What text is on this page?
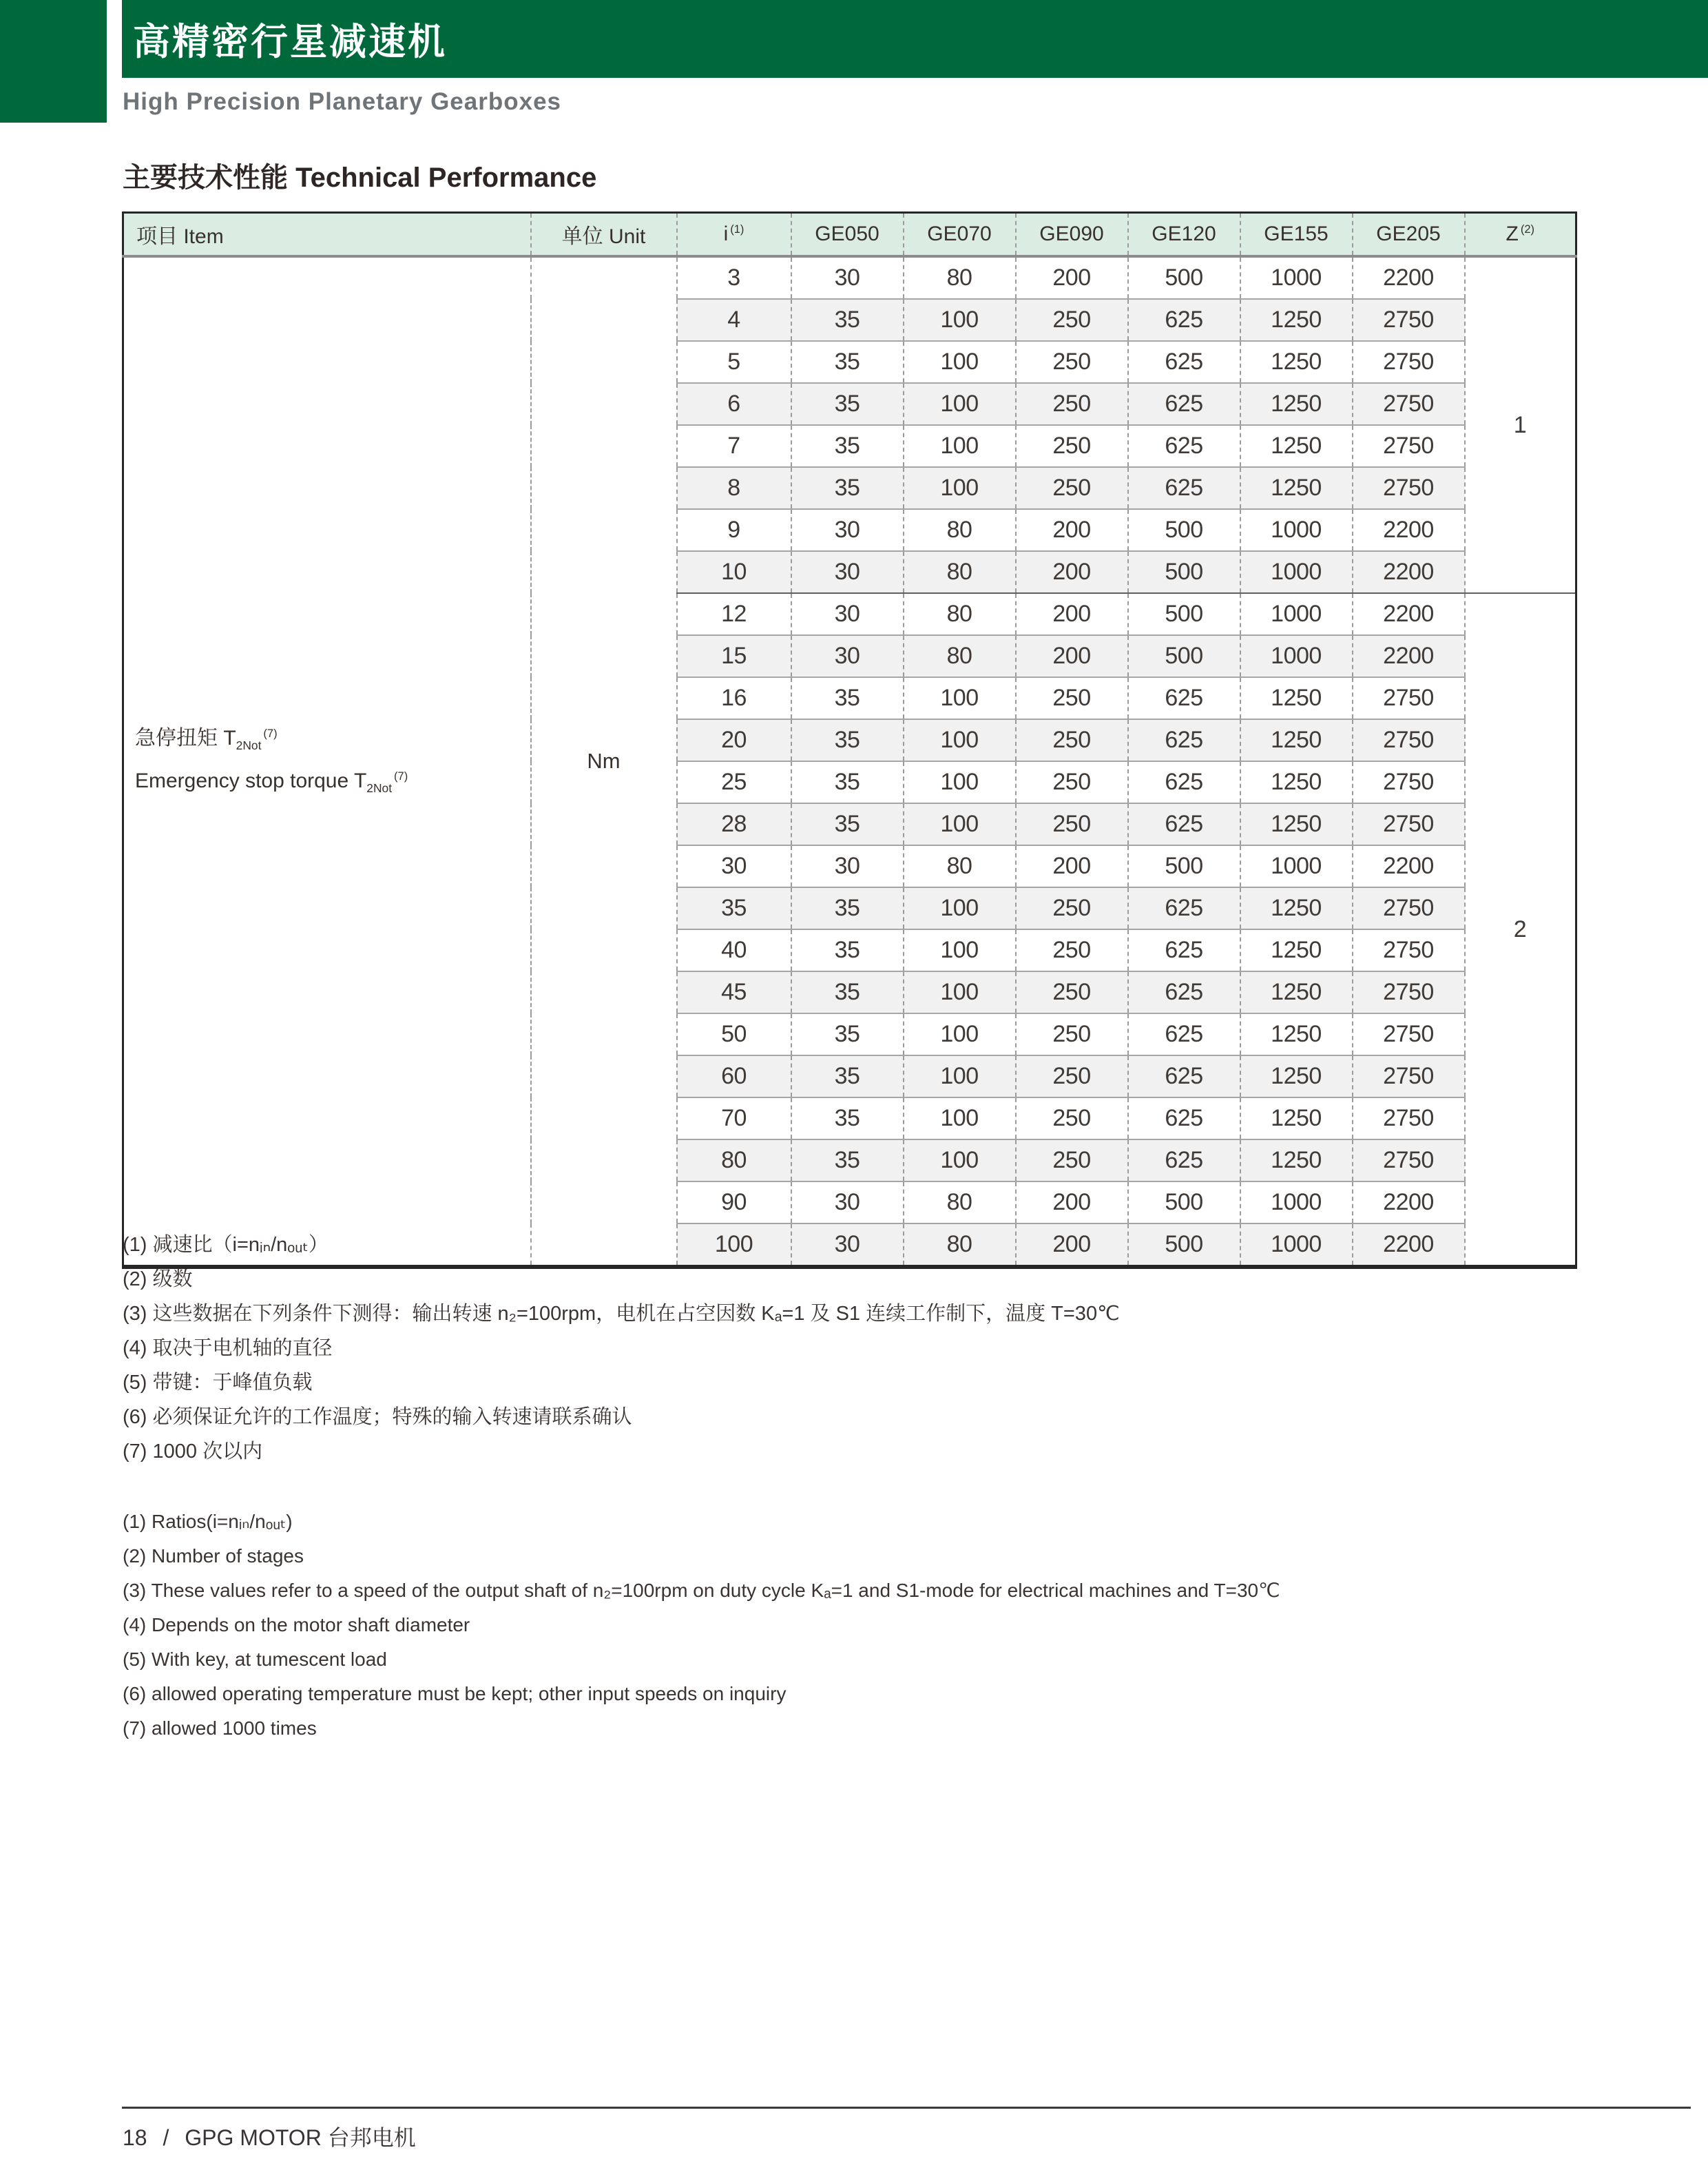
高精密行星减速机
High Precision Planetary Gearboxes
主要技术性能 Technical Performance
项目 Item	单位 Unit	i $^{(1)}$	GE050	GE070	GE090	GE120	GE155	GE205	Z $^{(2)}$

急停扭矩 $T_{2Not}^{(7)}$
Emergency stop torque $T_{2Not}^{(7)}$	Nm	3	30	80	200	500	1000	2200	1
		4	35	100	250	625	1250	2750	
		5	35	100	250	625	1250	2750	
		6	35	100	250	625	1250	2750	
		7	35	100	250	625	1250	2750	
		8	35	100	250	625	1250	2750	
		9	30	80	200	500	1000	2200	
		10	30	80	200	500	1000	2200	
		12	30	80	200	500	1000	2200	2
		15	30	80	200	500	1000	2200	
		16	35	100	250	625	1250	2750	
		20	35	100	250	625	1250	2750	
		25	35	100	250	625	1250	2750	
		28	35	100	250	625	1250	2750	
		30	30	80	200	500	1000	2200	
		35	35	100	250	625	1250	2750	
		40	35	100	250	625	1250	2750	
		45	35	100	250	625	1250	2750	
		50	35	100	250	625	1250	2750	
		60	35	100	250	625	1250	2750	
		70	35	100	250	625	1250	2750	
		80	35	100	250	625	1250	2750	
		90	30	80	200	500	1000	2200	
		100	30	80	200	500	1000	2200	
(1) 减速比（i=nᵢₙ/nₒᵤₜ）
(2) 级数
(3) 这些数据在下列条件下测得：输出转速 n₂=100rpm，电机在占空因数 Kₐ=1 及 S1 连续工作制下，温度 T=30℃
(4) 取决于电机轴的直径
(5) 带键：于峰值负载
(6) 必须保证允许的工作温度；特殊的输入转速请联系确认
(7) 1000 次以内
(1) Ratios(i=nᵢₙ/nₒᵤₜ)
(2) Number of stages
(3) These values refer to a speed of the output shaft of n₂=100rpm on duty cycle Kₐ=1 and S1-mode for electrical machines and T=30℃
(4) Depends on the motor shaft diameter
(5) With key, at tumescent load
(6) allowed operating temperature must be kept; other input speeds on inquiry
(7) allowed 1000 times
18 / GPG MOTOR 台邦电机
